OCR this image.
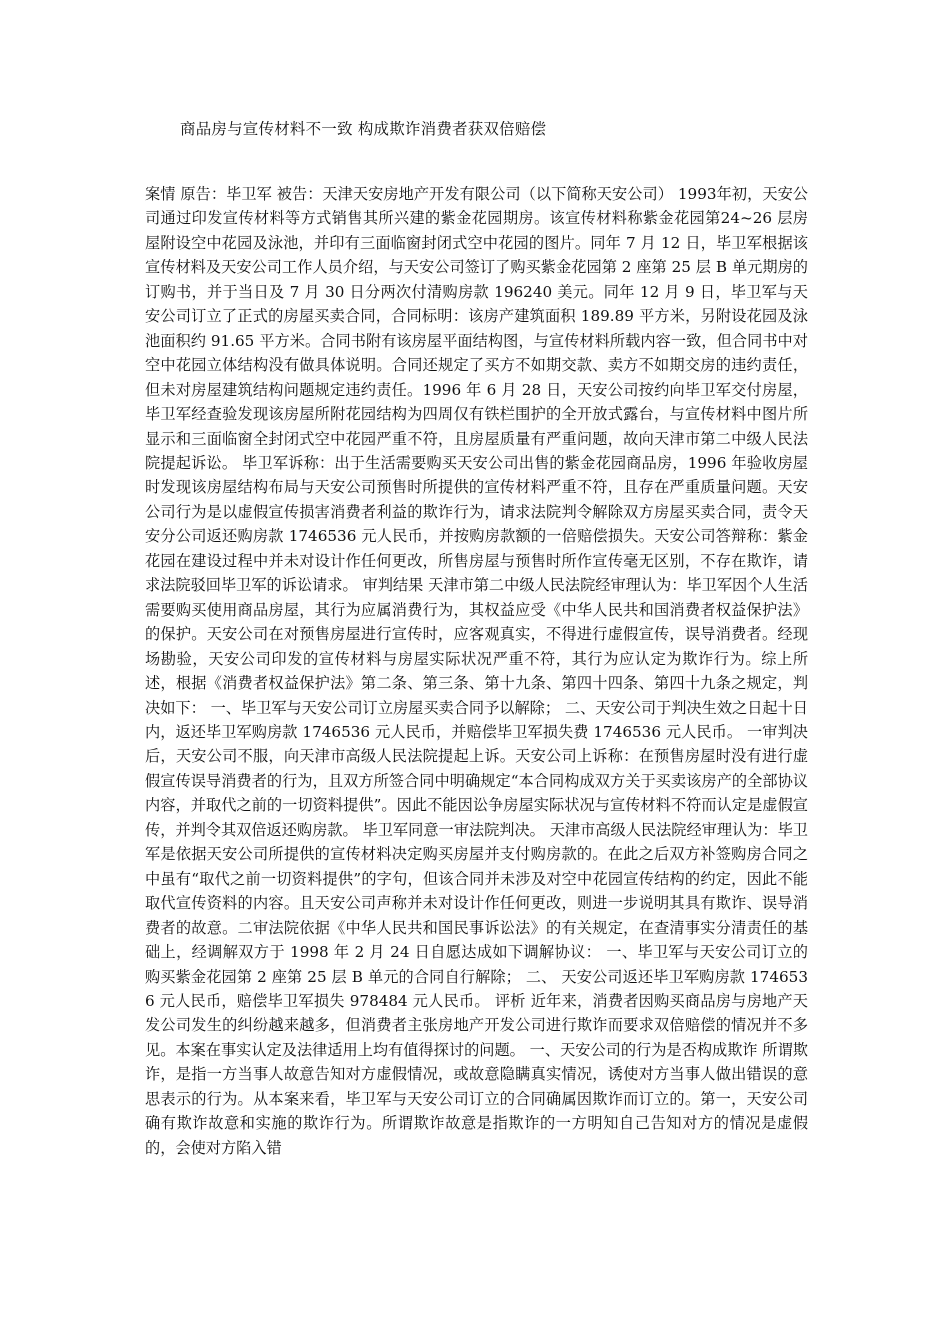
商品房与宣传材料不一致 构成欺诈消费者获双倍赔偿
案情 原告：毕卫军 被告：天津天安房地产开发有限公司（以下简称天安公司） 1993年初，天安公司通过印发宣传材料等方式销售其所兴建的紫金花园期房。该宣传材料称紫金花园第24~26 层房屋附设空中花园及泳池，并印有三面临窗封闭式空中花园的图片。同年 7 月 12 日，毕卫军根据该宣传材料及天安公司工作人员介绍，与天安公司签订了购买紫金花园第 2 座第 25 层 B 单元期房的订购书，并于当日及 7 月 30 日分两次付清购房款 196240 美元。同年 12 月 9 日，毕卫军与天安公司订立了正式的房屋买卖合同，合同标明：该房产建筑面积 189.89 平方米，另附设花园及泳池面积约 91.65 平方米。合同书附有该房屋平面结构图，与宣传材料所载内容一致，但合同书中对空中花园立体结构没有做具体说明。合同还规定了买方不如期交款、卖方不如期交房的违约责任，但未对房屋建筑结构问题规定违约责任。1996 年 6 月 28 日，天安公司按约向毕卫军交付房屋，毕卫军经查验发现该房屋所附花园结构为四周仅有铁栏围护的全开放式露台，与宣传材料中图片所显示和三面临窗全封闭式空中花园严重不符，且房屋质量有严重问题，故向天津市第二中级人民法院提起诉讼。 毕卫军诉称：出于生活需要购买天安公司出售的紫金花园商品房，1996 年验收房屋时发现该房屋结构布局与天安公司预售时所提供的宣传材料严重不符，且存在严重质量问题。天安公司行为是以虚假宣传损害消费者利益的欺诈行为，请求法院判令解除双方房屋买卖合同，责令天安分公司返还购房款 1746536 元人民币，并按购房款额的一倍赔偿损失。天安公司答辩称：紫金花园在建设过程中并未对设计作任何更改，所售房屋与预售时所作宣传毫无区别，不存在欺诈，请求法院驳回毕卫军的诉讼请求。 审判结果 天津市第二中级人民法院经审理认为：毕卫军因个人生活需要购买使用商品房屋，其行为应属消费行为，其权益应受《中华人民共和国消费者权益保护法》的保护。天安公司在对预售房屋进行宣传时，应客观真实，不得进行虚假宣传，误导消费者。经现场勘验，天安公司印发的宣传材料与房屋实际状况严重不符，其行为应认定为欺诈行为。综上所述，根据《消费者权益保护法》第二条、第三条、第十九条、第四十四条、第四十九条之规定，判决如下： 一、毕卫军与天安公司订立房屋买卖合同予以解除； 二、天安公司于判决生效之日起十日内，返还毕卫军购房款 1746536 元人民币，并赔偿毕卫军损失费 1746536 元人民币。 一审判决后，天安公司不服，向天津市高级人民法院提起上诉。天安公司上诉称：在预售房屋时没有进行虚假宣传误导消费者的行为，且双方所签合同中明确规定“本合同构成双方关于买卖该房产的全部协议内容，并取代之前的一切资料提供”。因此不能因讼争房屋实际状况与宣传材料不符而认定是虚假宣传，并判令其双倍返还购房款。 毕卫军同意一审法院判决。 天津市高级人民法院经审理认为：毕卫军是依据天安公司所提供的宣传材料决定购买房屋并支付购房款的。在此之后双方补签购房合同之中虽有“取代之前一切资料提供”的字句，但该合同并未涉及对空中花园宣传结构的约定，因此不能取代宣传资料的内容。且天安公司声称并未对设计作任何更改，则进一步说明其具有欺诈、误导消费者的故意。二审法院依据《中华人民共和国民事诉讼法》的有关规定，在查清事实分清责任的基础上，经调解双方于 1998 年 2 月 24 日自愿达成如下调解协议： 一、毕卫军与天安公司订立的购买紫金花园第 2 座第 25 层 B 单元的合同自行解除； 二、 天安公司返还毕卫军购房款 1746536 元人民币，赔偿毕卫军损失 978484 元人民币。 评析 近年来，消费者因购买商品房与房地产天发公司发生的纠纷越来越多，但消费者主张房地产开发公司进行欺诈而要求双倍赔偿的情况并不多见。本案在事实认定及法律适用上均有值得探讨的问题。 一、天安公司的行为是否构成欺诈 所谓欺诈，是指一方当事人故意告知对方虚假情况，或故意隐瞒真实情况，诱使对方当事人做出错误的意思表示的行为。从本案来看，毕卫军与天安公司订立的合同确属因欺诈而订立的。第一，天安公司确有欺诈故意和实施的欺诈行为。所谓欺诈故意是指欺诈的一方明知自己告知对方的情况是虚假的，会使对方陷入错
